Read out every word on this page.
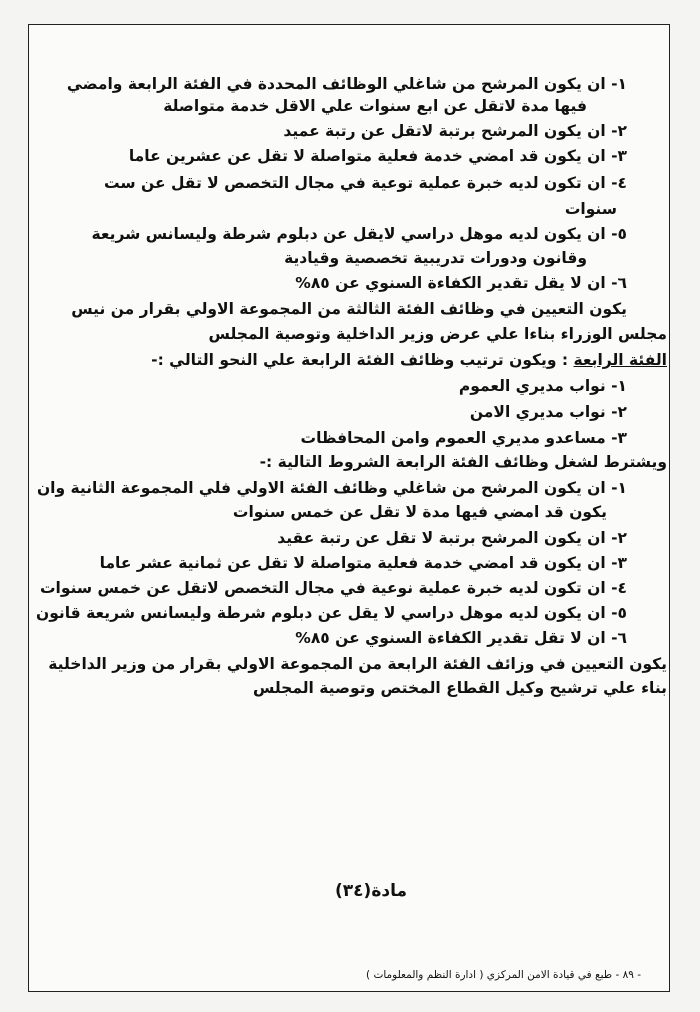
١- ان يكون المرشح من شاغلي الوظائف المحددة في الفئة الرابعة وامضي
فيها مدة لاتقل عن ابع سنوات علي الاقل خدمة متواصلة
٢- ان يكون المرشح برتبة لاتقل عن رتبة عميد
٣- ان يكون قد امضي خدمة فعلية متواصلة لا تقل عن عشرين عاما
٤- ان تكون لديه خبرة عملية توعية في مجال التخصص لا تقل عن ست
سنوات
٥- ان يكون لديه موهل دراسي لايقل عن دبلوم شرطة وليسانس شريعة
وقانون ودورات تدريبية تخصصية وقيادية
٦- ان لا يقل تقدير الكفاءة السنوي عن ٨٥%
يكون التعيين في وظائف الفئة الثالثة من المجموعة الاولي بقرار من نيس
مجلس الوزراء بناءا علي عرض وزير الداخلية وتوصية المجلس
الفئة الرابعة : ويكون ترتيب وظائف الفئة الرابعة علي النحو التالي :-
١- نواب مديري العموم
٢- نواب مديري الامن
٣- مساعدو مديري العموم وامن المحافظات
ويشترط لشغل وظائف الفئة الرابعة الشروط التالية :-
١- ان يكون المرشح من شاغلي وظائف الفئة الاولي فلي المجموعة الثانية وان
يكون قد امضي فيها مدة لا تقل عن خمس سنوات
٢- ان يكون المرشح برتبة لا تقل عن رتبة عقيد
٣- ان يكون قد امضي خدمة فعلية متواصلة لا تقل عن ثمانية عشر عاما
٤- ان تكون لديه خبرة عملية نوعية في مجال التخصص لاتقل عن خمس سنوات
٥- ان يكون لديه موهل دراسي لا يقل عن دبلوم شرطة وليسانس شريعة قانون
٦- ان لا تقل تقدير الكفاءة السنوي عن ٨٥%
يكون التعيين في وزائف الفئة الرابعة من المجموعة الاولي بقرار من وزير الداخلية
بناء علي ترشيح وكيل القطاع المختص وتوصية المجلس
مادة(٣٤)
- ٨٩ - طبع في قيادة الامن المركزي ( ادارة النظم والمعلومات )
